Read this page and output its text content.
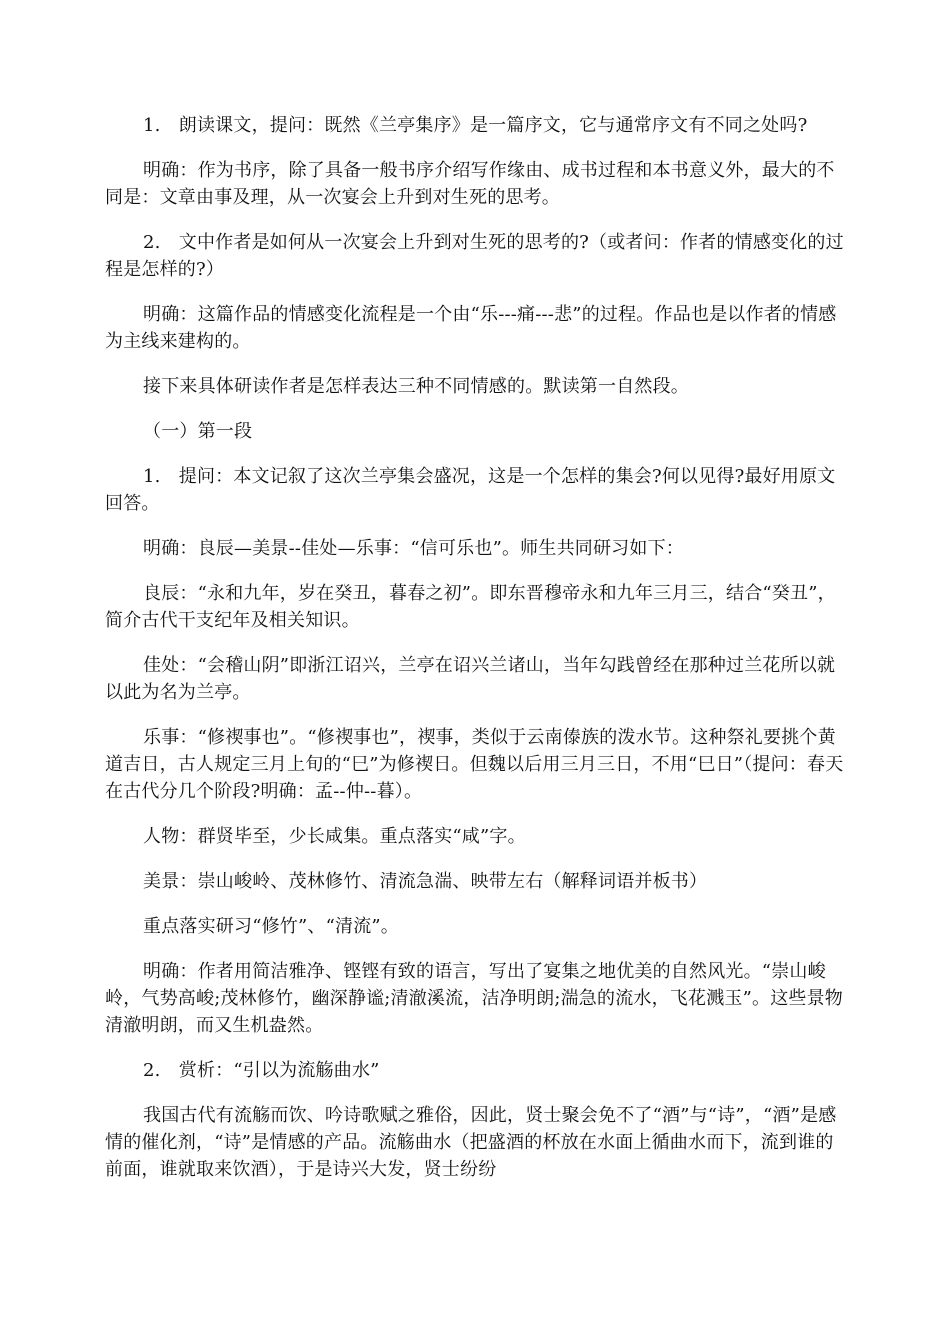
1.　朗读课文，提问：既然《兰亭集序》是一篇序文，它与通常序文有不同之处吗?

明确：作为书序，除了具备一般书序介绍写作缘由、成书过程和本书意义外，最大的不同是：文章由事及理，从一次宴会上升到对生死的思考。

2.　文中作者是如何从一次宴会上升到对生死的思考的?（或者问：作者的情感变化的过程是怎样的?）

明确：这篇作品的情感变化流程是一个由“乐---痛---悲”的过程。作品也是以作者的情感为主线来建构的。

接下来具体研读作者是怎样表达三种不同情感的。默读第一自然段。

（一）第一段

1.　提问：本文记叙了这次兰亭集会盛况，这是一个怎样的集会?何以见得?最好用原文回答。

明确：良辰—美景--佳处—乐事：“信可乐也”。师生共同研习如下：

良辰：“永和九年，岁在癸丑，暮春之初”。即东晋穆帝永和九年三月三，结合“癸丑”，简介古代干支纪年及相关知识。

佳处：“会稽山阴”即浙江诏兴，兰亭在诏兴兰诸山，当年勾践曾经在那种过兰花所以就以此为名为兰亭。

乐事：“修禊事也”。“修禊事也”，禊事，类似于云南傣族的泼水节。这种祭礼要挑个黄道吉日，古人规定三月上旬的“巳”为修禊日。但魏以后用三月三日，不用“巳日”（提问：春天在古代分几个阶段?明确：孟--仲--暮）。

人物：群贤毕至，少长咸集。重点落实“咸”字。

美景：崇山峻岭、茂林修竹、清流急湍、映带左右（解释词语并板书）

重点落实研习“修竹”、“清流”。

明确：作者用简洁雅净、铿铿有致的语言，写出了宴集之地优美的自然风光。“崇山峻岭，气势高峻;茂林修竹，幽深静谧;清澈溪流，洁净明朗;湍急的流水，飞花溅玉”。这些景物清澈明朗，而又生机盎然。

2.　赏析：“引以为流觞曲水”

我国古代有流觞而饮、吟诗歌赋之雅俗，因此，贤士聚会免不了“酒”与“诗”，“酒”是感情的催化剂，“诗”是情感的产品。流觞曲水（把盛酒的杯放在水面上循曲水而下，流到谁的前面，谁就取来饮酒），于是诗兴大发，贤士纷纷
